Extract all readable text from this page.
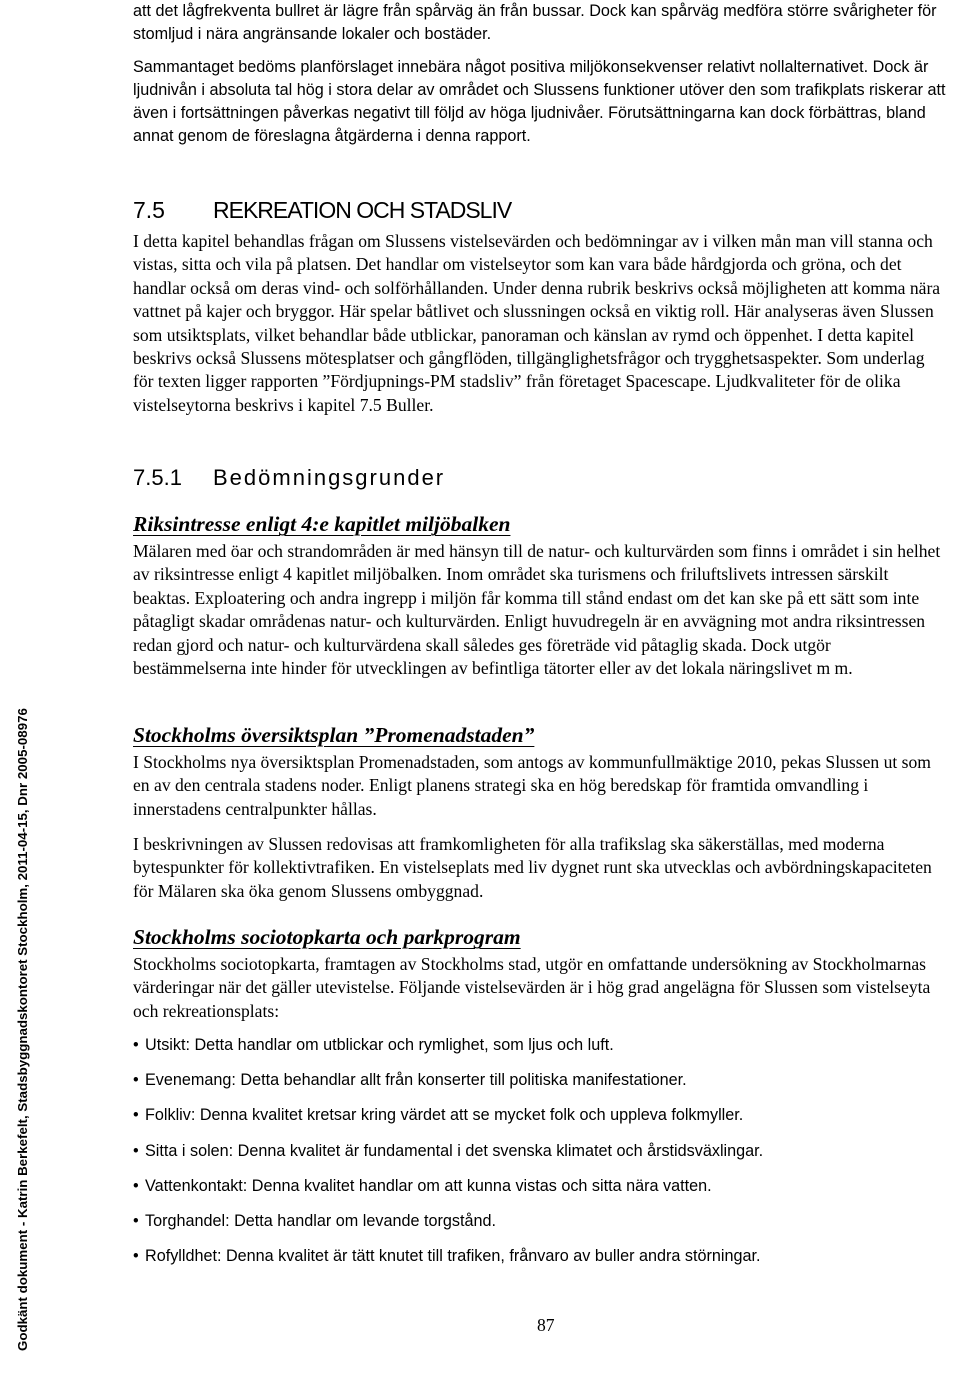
att det lågfrekventa bullret är lägre från spårväg än från bussar. Dock kan spårväg medföra större svårigheter för stomljud i nära angränsande lokaler och bostäder.
Sammantaget bedöms planförslaget innebära något positiva miljökonsekvenser relativt nollalternativet. Dock är ljudnivån i absoluta tal hög i stora delar av området och Slussens funktioner utöver den som trafikplats riskerar att även i fortsättningen påverkas negativt till följd av höga ljudnivåer. Förutsättningarna kan dock förbättras, bland annat genom de föreslagna åtgärderna i denna rapport.
7.5 REKREATION OCH STADSLIV
I detta kapitel behandlas frågan om Slussens vistelsevärden och bedömningar av i vilken mån man vill stanna och vistas, sitta och vila på platsen. Det handlar om vistelseytor som kan vara både hårdgjorda och gröna, och det handlar också om deras vind- och solförhållanden. Under denna rubrik beskrivs också möjligheten att komma nära vattnet på kajer och bryggor. Här spelar båtlivet och slussningen också en viktig roll. Här analyseras även Slussen som utsiktsplats, vilket behandlar både utblickar, panoraman och känslan av rymd och öppenhet. I detta kapitel beskrivs också Slussens mötesplatser och gångflöden, tillgänglighetsfrågor och trygghetsaspekter. Som underlag för texten ligger rapporten ”Fördjupnings-PM stadsliv” från företaget Spacescape. Ljudkvaliteter för de olika vistelseytorna beskrivs i kapitel 7.5 Buller.
7.5.1 Bedömningsgrunder
Riksintresse enligt 4:e kapitlet miljöbalken
Mälaren med öar och strandområden är med hänsyn till de natur- och kulturvärden som finns i området i sin helhet av riksintresse enligt 4 kapitlet miljöbalken. Inom området ska turismens och friluftslivets intressen särskilt beaktas. Exploatering och andra ingrepp i miljön får komma till stånd endast om det kan ske på ett sätt som inte påtagligt skadar områdenas natur- och kulturvärden. Enligt huvudregeln är en avvägning mot andra riksintressen redan gjord och natur- och kulturvärdena skall således ges företräde vid påtaglig skada. Dock utgör bestämmelserna inte hinder för utvecklingen av befintliga tätorter eller av det lokala näringslivet m m.
Stockholms översiktsplan ”Promenadstaden”
I Stockholms nya översiktsplan Promenadstaden, som antogs av kommunfullmäktige 2010, pekas Slussen ut som en av den centrala stadens noder. Enligt planens strategi ska en hög beredskap för framtida omvandling i innerstadens centralpunkter hållas.
I beskrivningen av Slussen redovisas att framkomligheten för alla trafikslag ska säkerställas, med moderna bytespunkter för kollektivtrafiken. En vistelseplats med liv dygnet runt ska utvecklas och avbördningskapaciteten för Mälaren ska öka genom Slussens ombyggnad.
Stockholms sociotopkarta och parkprogram
Stockholms sociotopkarta, framtagen av Stockholms stad, utgör en omfattande undersökning av Stockholmarnas värderingar när det gäller utevistelse. Följande vistelsevärden är i hög grad angelägna för Slussen som vistelseyta och rekreationsplats:
• Utsikt: Detta handlar om utblickar och rymlighet, som ljus och luft.
• Evenemang: Detta behandlar allt från konserter till politiska manifestationer.
• Folkliv: Denna kvalitet kretsar kring värdet att se mycket folk och uppleva folkmyller.
• Sitta i solen: Denna kvalitet är fundamental i det svenska klimatet och årstidsväxlingar.
• Vattenkontakt: Denna kvalitet handlar om att kunna vistas och sitta nära vatten.
• Torghandel: Detta handlar om levande torgstånd.
• Rofylldhet: Denna kvalitet är tätt knutet till trafiken, frånvaro av buller andra störningar.
87
Godkänt dokument - Katrin Berkefelt, Stadsbyggnadskontoret Stockholm, 2011-04-15, Dnr 2005-08976
